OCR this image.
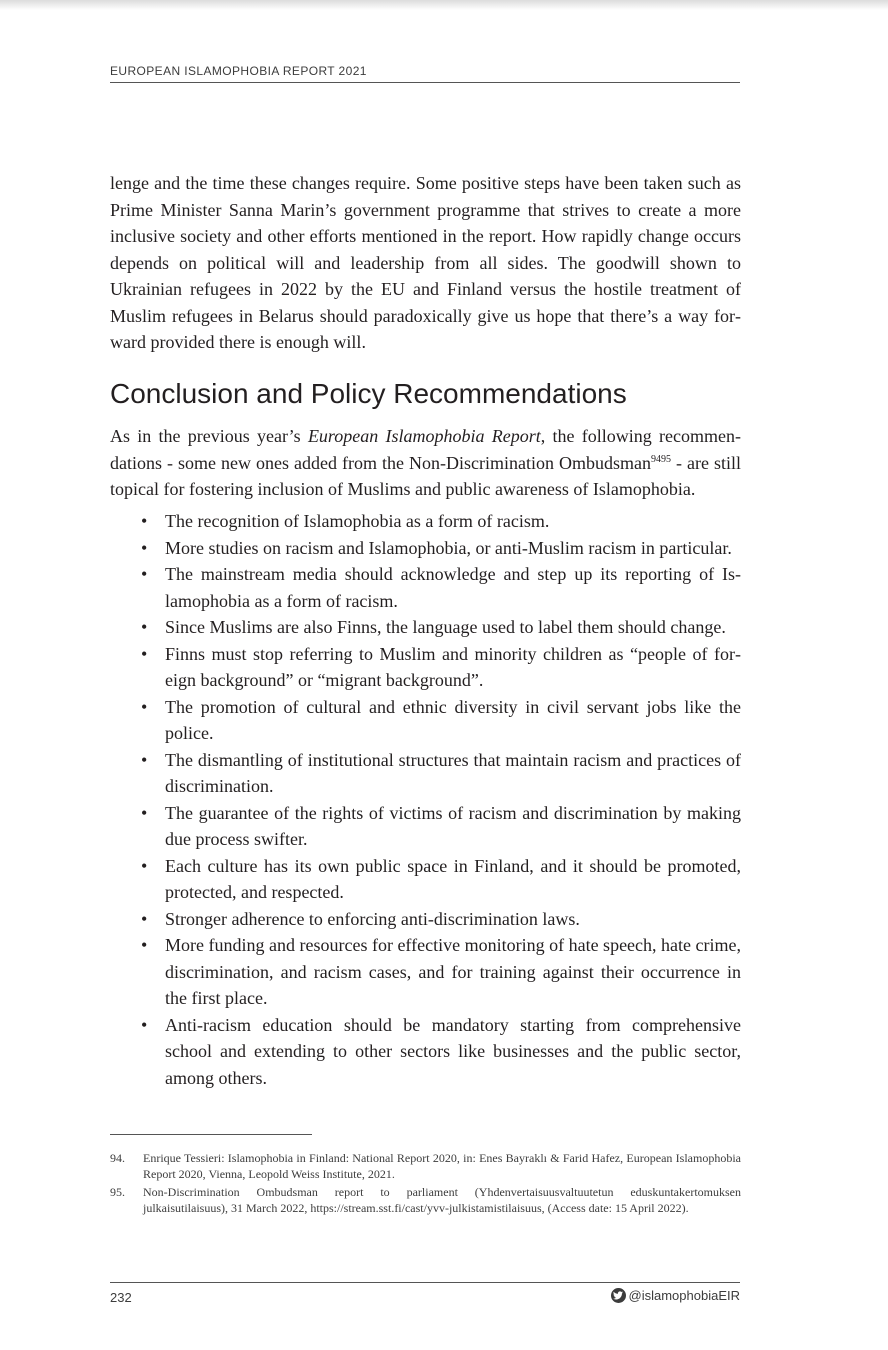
EUROPEAN ISLAMOPHOBIA REPORT 2021

lenge and the time these changes require. Some positive steps have been taken such as Prime Minister Sanna Marin’s government programme that strives to create a more inclusive society and other efforts mentioned in the report. How rapidly change occurs depends on political will and leadership from all sides. The goodwill shown to Ukrainian refugees in 2022 by the EU and Finland versus the hostile treatment of Muslim refugees in Belarus should paradoxically give us hope that there’s a way forward provided there is enough will.

Conclusion and Policy Recommendations

As in the previous year’s European Islamophobia Report, the following recommendations - some new ones added from the Non-Discrimination Ombudsman$^{9495}$ - are still topical for fostering inclusion of Muslims and public awareness of Islamophobia.

• The recognition of Islamophobia as a form of racism.
• More studies on racism and Islamophobia, or anti-Muslim racism in particular.
• The mainstream media should acknowledge and step up its reporting of Islamophobia as a form of racism.
• Since Muslims are also Finns, the language used to label them should change.
• Finns must stop referring to Muslim and minority children as “people of foreign background” or “migrant background”.
• The promotion of cultural and ethnic diversity in civil servant jobs like the police.
• The dismantling of institutional structures that maintain racism and practices of discrimination.
• The guarantee of the rights of victims of racism and discrimination by making due process swifter.
• Each culture has its own public space in Finland, and it should be promoted, protected, and respected.
• Stronger adherence to enforcing anti-discrimination laws.
• More funding and resources for effective monitoring of hate speech, hate crime, discrimination, and racism cases, and for training against their occurrence in the first place.
• Anti-racism education should be mandatory starting from comprehensive school and extending to other sectors like businesses and the public sector, among others.
94. Enrique Tessieri: Islamophobia in Finland: National Report 2020, in: Enes Bayraklı & Farid Hafez, European Islamophobia Report 2020, Vienna, Leopold Weiss Institute, 2021.
95. Non-Discrimination Ombudsman report to parliament (Yhdenvertaisuusvaltuutetun eduskuntakertomuksen julkaisutilaisuus), 31 March 2022, https://stream.sst.fi/cast/yvv-julkistamistilaisuus, (Access date: 15 April 2022).
232	@islamophobiaEIR
